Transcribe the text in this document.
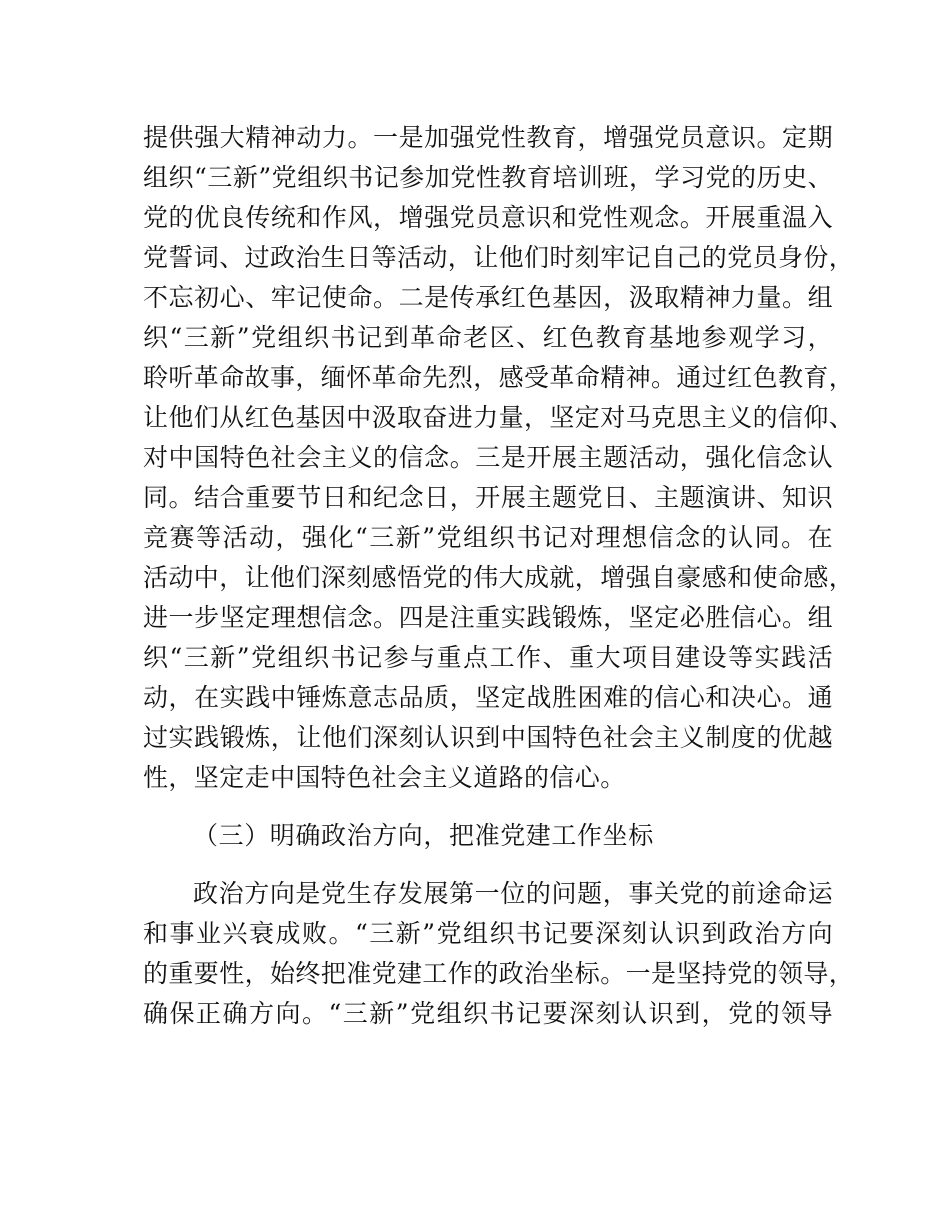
提供强大精神动力。一是加强党性教育，增强党员意识。定期
组织“三新”党组织书记参加党性教育培训班，学习党的历史、
党的优良传统和作风，增强党员意识和党性观念。开展重温入
党誓词、过政治生日等活动，让他们时刻牢记自己的党员身份，
不忘初心、牢记使命。二是传承红色基因，汲取精神力量。组
织“三新”党组织书记到革命老区、红色教育基地参观学习，
聆听革命故事，缅怀革命先烈，感受革命精神。通过红色教育，
让他们从红色基因中汲取奋进力量，坚定对马克思主义的信仰、
对中国特色社会主义的信念。三是开展主题活动，强化信念认
同。结合重要节日和纪念日，开展主题党日、主题演讲、知识
竞赛等活动，强化“三新”党组织书记对理想信念的认同。在
活动中，让他们深刻感悟党的伟大成就，增强自豪感和使命感，
进一步坚定理想信念。四是注重实践锻炼，坚定必胜信心。组
织“三新”党组织书记参与重点工作、重大项目建设等实践活
动，在实践中锤炼意志品质，坚定战胜困难的信心和决心。通
过实践锻炼，让他们深刻认识到中国特色社会主义制度的优越
性，坚定走中国特色社会主义道路的信心。
（三）明确政治方向，把准党建工作坐标
政治方向是党生存发展第一位的问题，事关党的前途命运
和事业兴衰成败。“三新”党组织书记要深刻认识到政治方向
的重要性，始终把准党建工作的政治坐标。一是坚持党的领导，
确保正确方向。“三新”党组织书记要深刻认识到，党的领导
